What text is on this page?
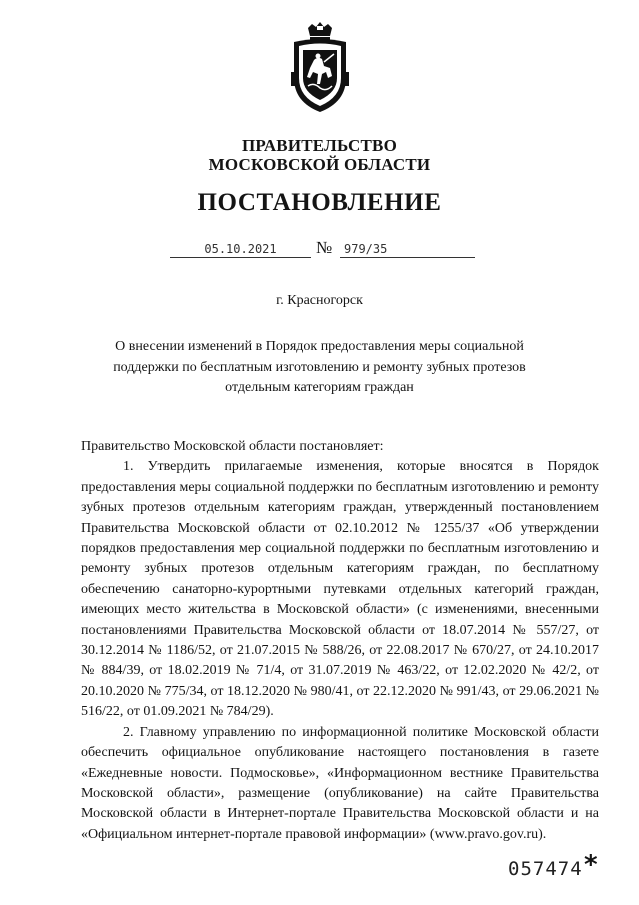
ПРАВИТЕЛЬСТВО
МОСКОВСКОЙ ОБЛАСТИ
ПОСТАНОВЛЕНИЕ
05.10.2021	№ 979/35
г. Красногорск
О внесении изменений в Порядок предоставления меры социальной
поддержки по бесплатным изготовлению и ремонту зубных протезов
отдельным категориям граждан

Правительство Московской области постановляет:

1. Утвердить прилагаемые изменения, которые вносятся в Порядок предоставления меры социальной поддержки по бесплатным изготовлению и ремонту зубных протезов отдельным категориям граждан, утвержденный постановлением Правительства Московской области от 02.10.2012 № 1255/37 «Об утверждении порядков предоставления мер социальной поддержки по бесплатным изготовлению и ремонту зубных протезов отдельным категориям граждан, по бесплатному обеспечению санаторно-курортными путевками отдельных категорий граждан, имеющих место жительства в Московской области» (с изменениями, внесенными постановлениями Правительства Московской области от 18.07.2014 № 557/27, от 30.12.2014 № 1186/52, от 21.07.2015 № 588/26, от 22.08.2017 № 670/27, от 24.10.2017 № 884/39, от 18.02.2019 № 71/4, от 31.07.2019 № 463/22, от 12.02.2020 № 42/2, от 20.10.2020 № 775/34, от 18.12.2020 № 980/41, от 22.12.2020 № 991/43, от 29.06.2021 № 516/22, от 01.09.2021 № 784/29).

2. Главному управлению по информационной политике Московской области обеспечить официальное опубликование настоящего постановления в газете «Ежедневные новости. Подмосковье», «Информационном вестнике Правительства Московской области», размещение (опубликование) на сайте Правительства Московской области в Интернет-портале Правительства Московской области и на «Официальном интернет-портале правовой информации» (www.pravo.gov.ru).

057474 *
